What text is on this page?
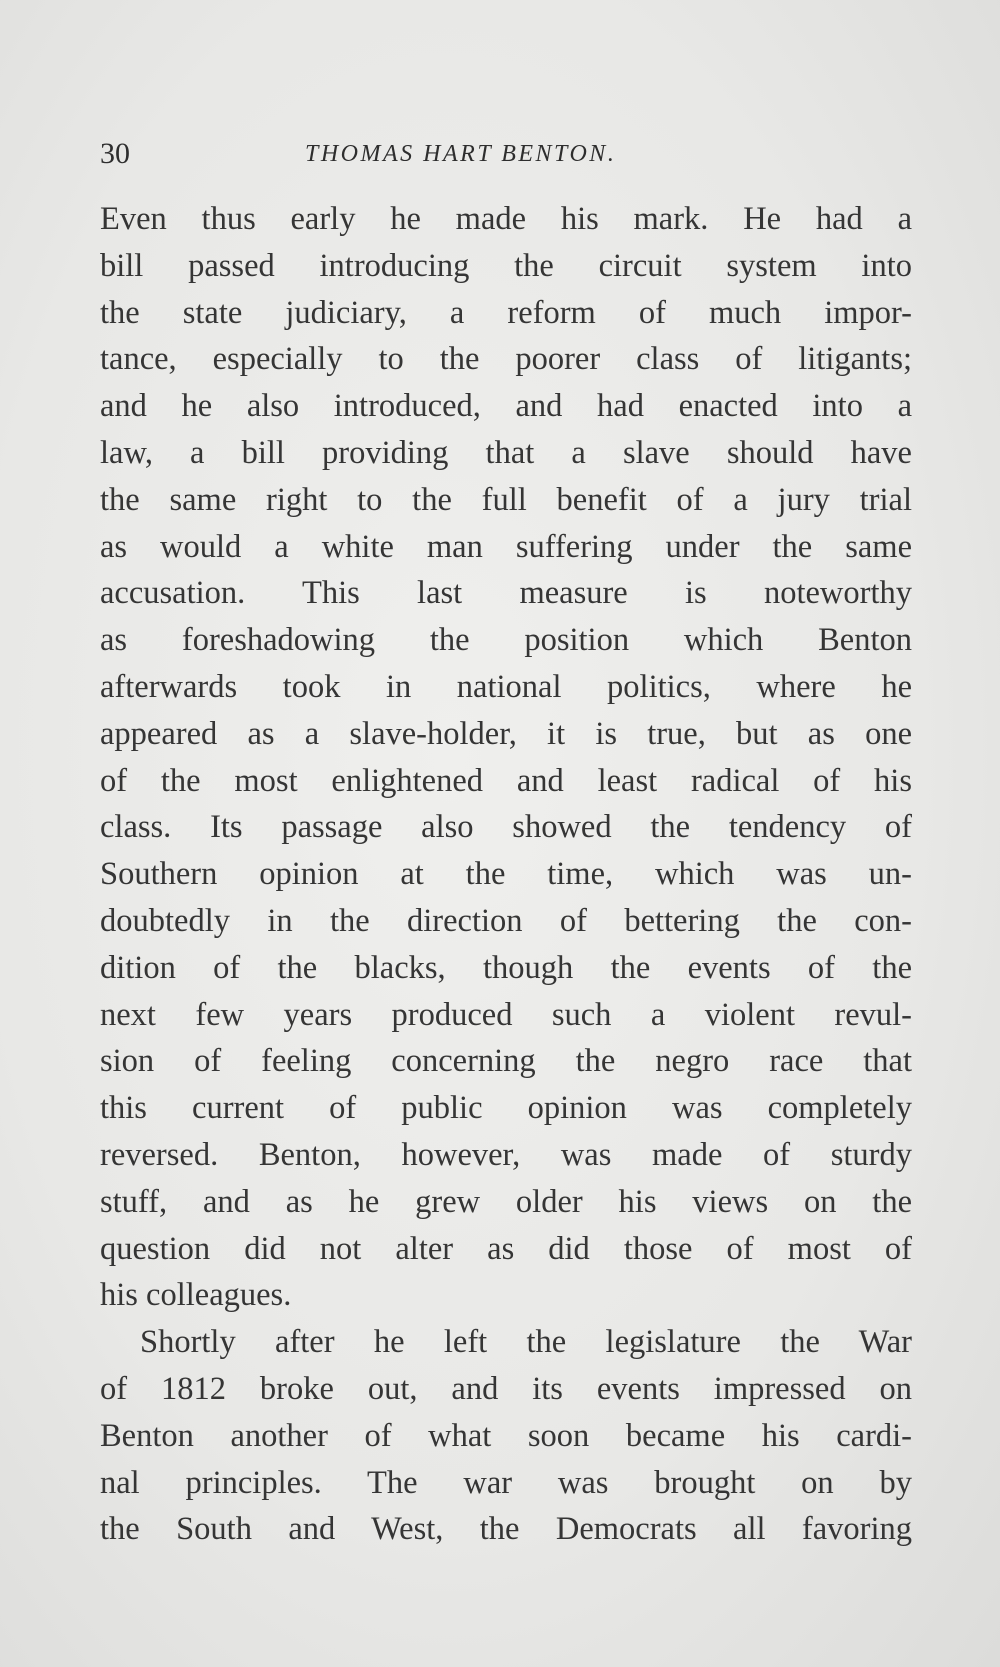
30	THOMAS HART BENTON.
Even thus early he made his mark. He had a
bill passed introducing the circuit system into
the state judiciary, a reform of much impor-
tance, especially to the poorer class of litigants;
and he also introduced, and had enacted into a
law, a bill providing that a slave should have
the same right to the full benefit of a jury trial
as would a white man suffering under the same
accusation. This last measure is noteworthy
as foreshadowing the position which Benton
afterwards took in national politics, where he
appeared as a slave-holder, it is true, but as one
of the most enlightened and least radical of his
class. Its passage also showed the tendency of
Southern opinion at the time, which was un-
doubtedly in the direction of bettering the con-
dition of the blacks, though the events of the
next few years produced such a violent revul-
sion of feeling concerning the negro race that
this current of public opinion was completely
reversed. Benton, however, was made of sturdy
stuff, and as he grew older his views on the
question did not alter as did those of most of
his colleagues.
Shortly after he left the legislature the War
of 1812 broke out, and its events impressed on
Benton another of what soon became his cardi-
nal principles. The war was brought on by
the South and West, the Democrats all favoring
